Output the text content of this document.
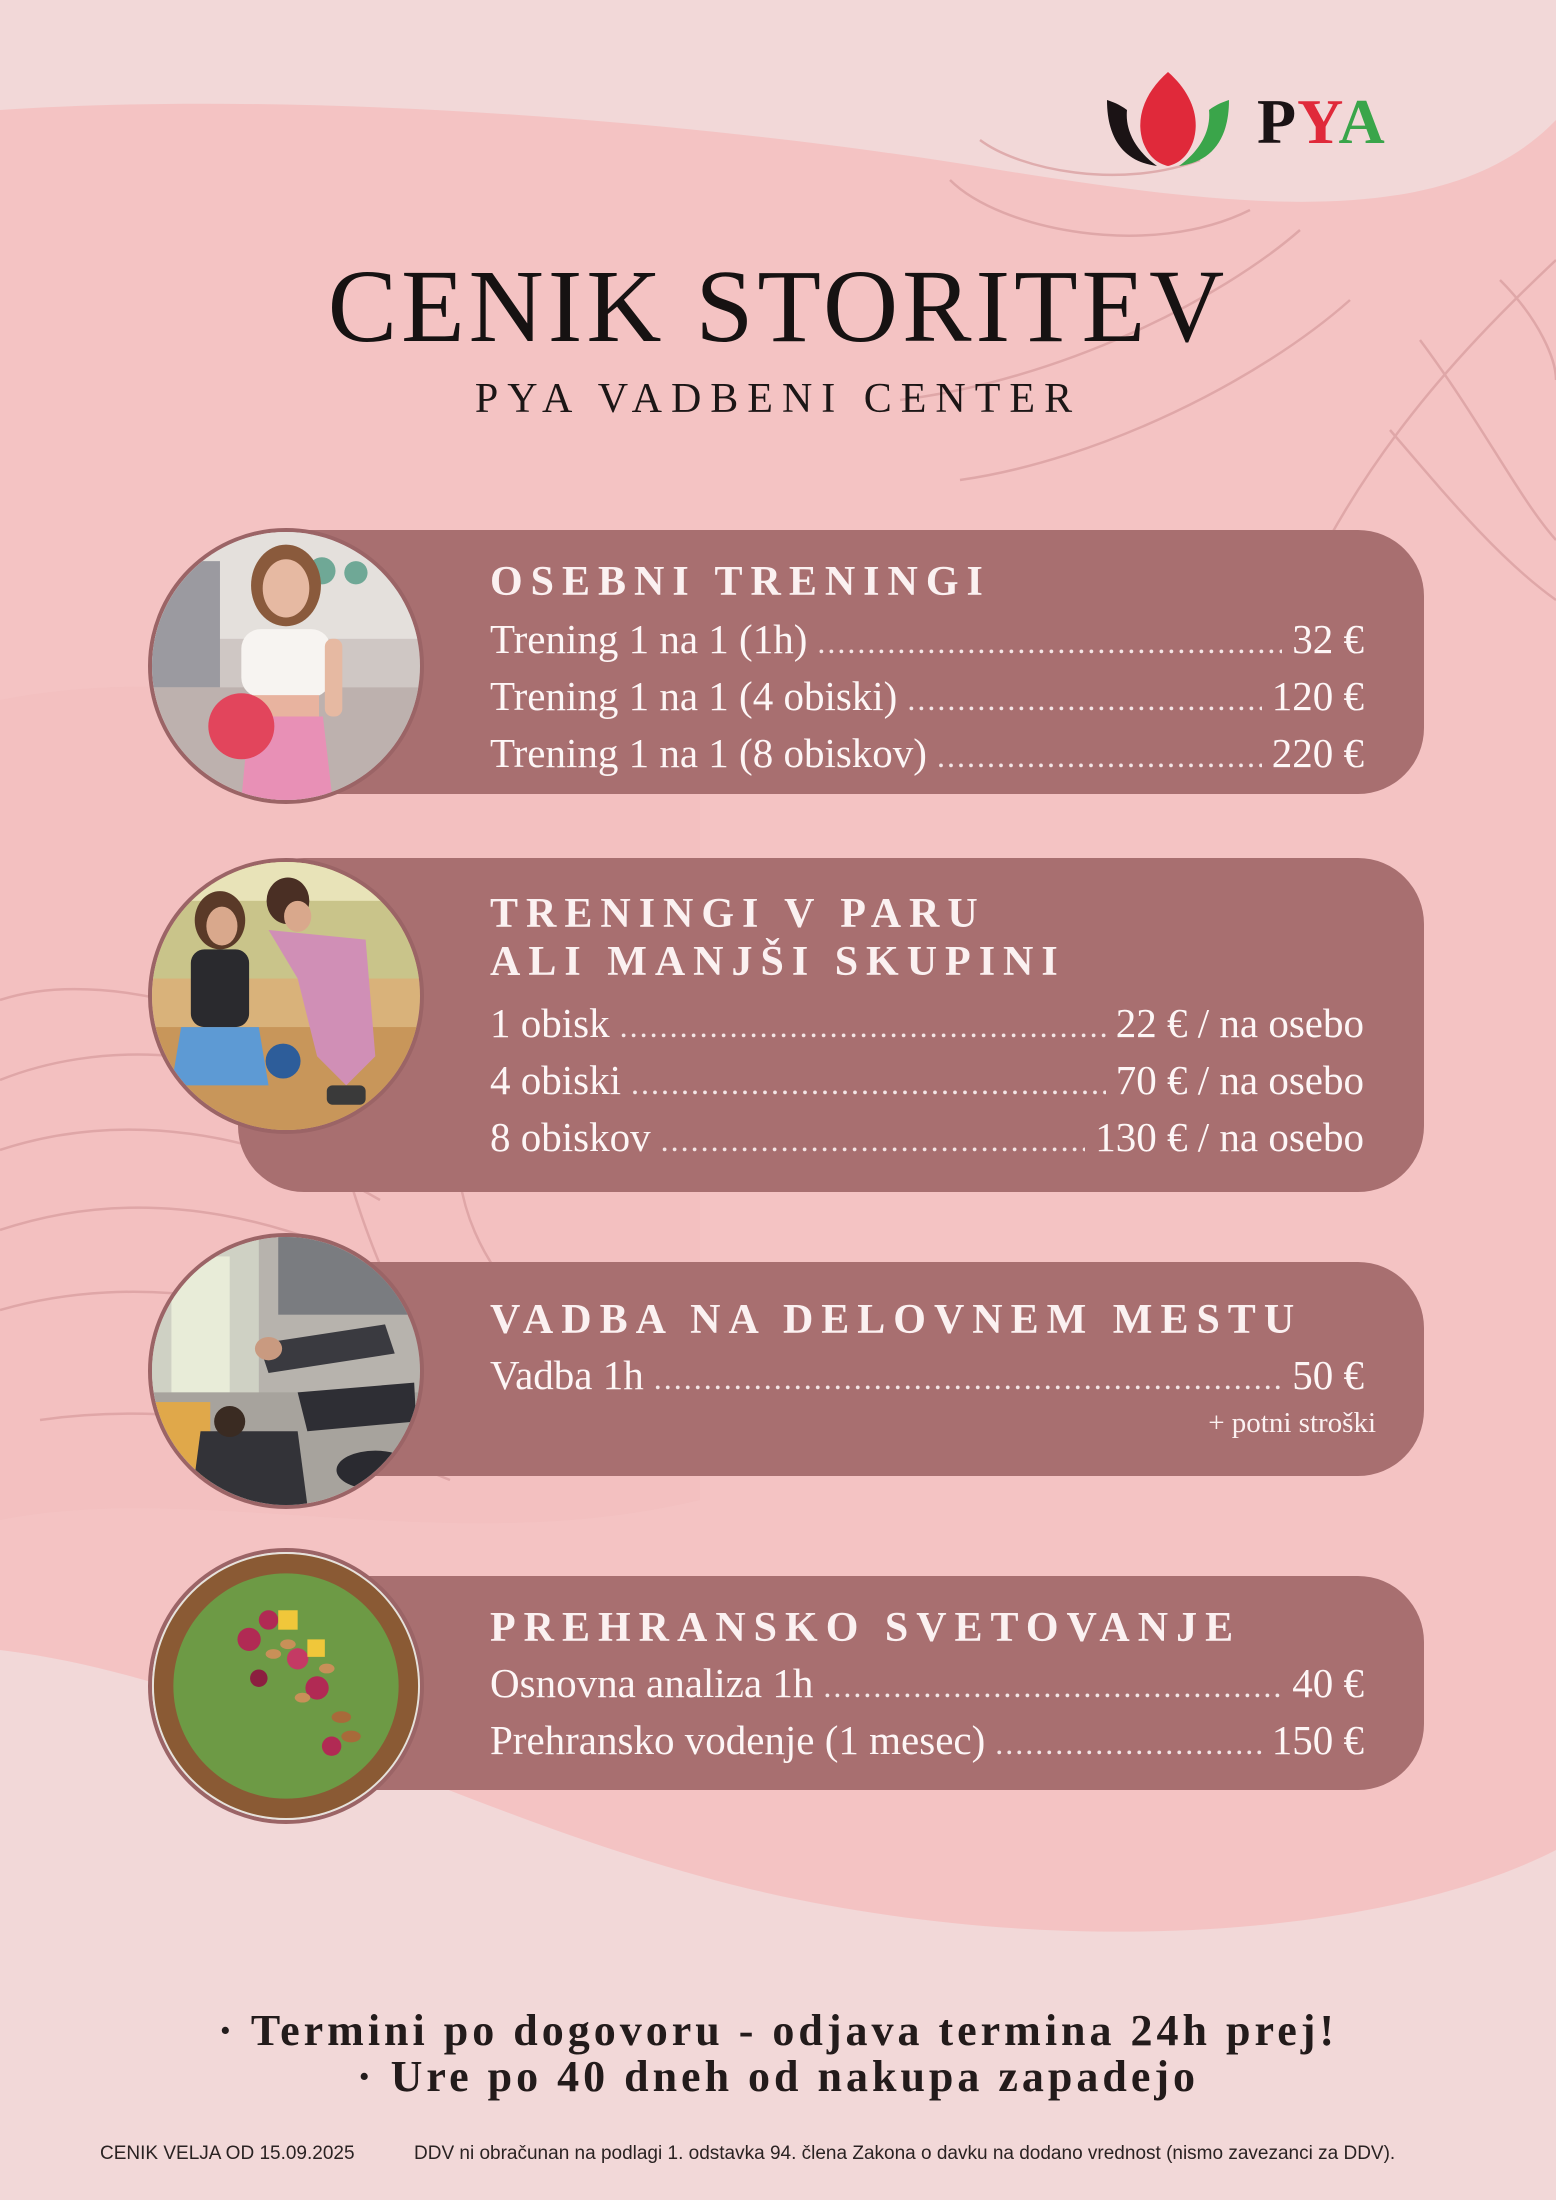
PYA
CENIK STORITEV
PYA VADBENI CENTER
OSEBNI TRENINGI
Trening 1 na 1 (1h) .....	32 €
Trening 1 na 1 (4 obiski) .....	120 €
Trening 1 na 1 (8 obiskov) .....	220 €
TRENINGI V PARU
ALI MANJŠI SKUPINI
1 obisk .....	22 € / na osebo
4 obiski .....	70 € / na osebo
8 obiskov .....	130 € / na osebo
VADBA NA DELOVNEM MESTU
Vadba 1h .....	50 €
+ potni stroški
PREHRANSKO SVETOVANJE
Osnovna analiza 1h .....	40 €
Prehransko vodenje (1 mesec) .....	150 €
· Termini po dogovoru - odjava termina 24h prej!
· Ure po 40 dneh od nakupa zapadejo
CENIK VELJA OD 15.09.2025	DDV ni obračunan na podlagi 1. odstavka 94. člena Zakona o davku na dodano vrednost (nismo zavezanci za DDV).
